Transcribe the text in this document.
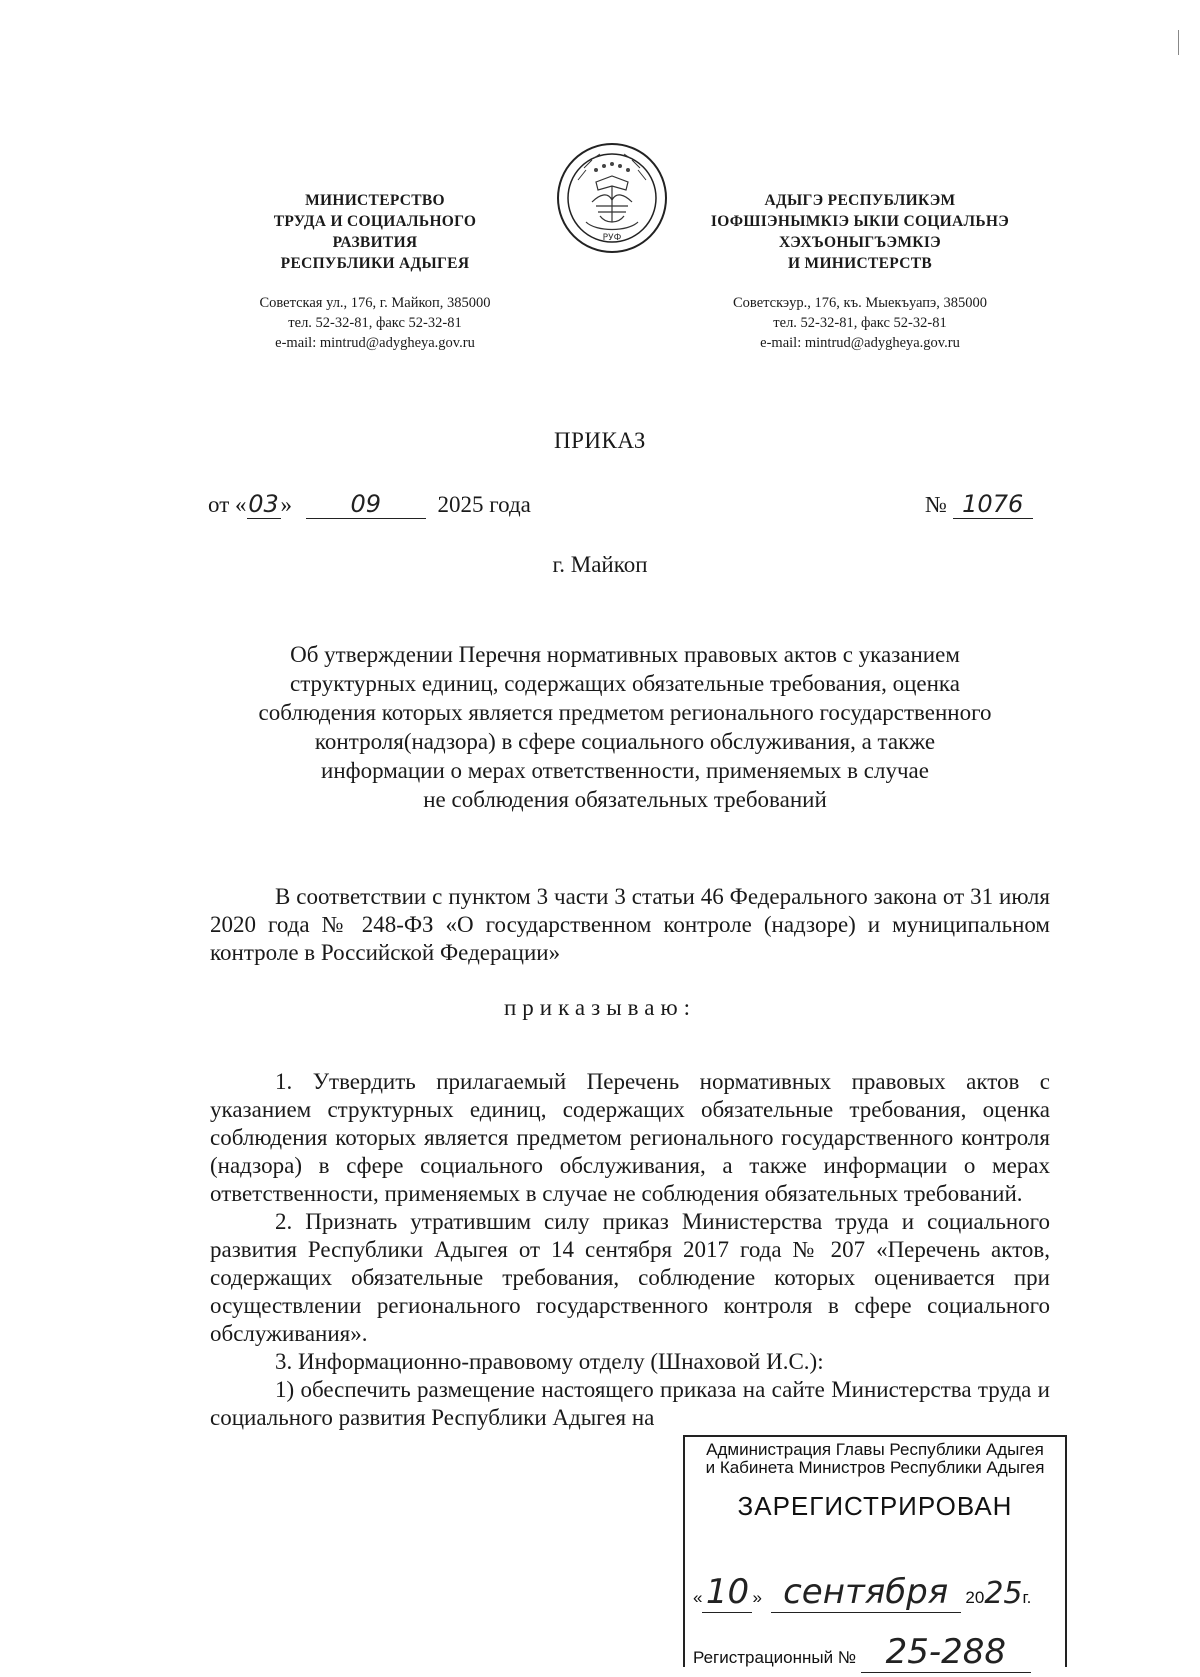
МИНИСТЕРСТВО
ТРУДА И СОЦИАЛЬНОГО
РАЗВИТИЯ
РЕСПУБЛИКИ АДЫГЕЯ
Советская ул., 176, г. Майкоп, 385000
тел. 52-32-81, факс 52-32-81
e-mail: mintrud@adygheya.gov.ru
РУФ
АДЫГЭ РЕСПУБЛИКЭМ
ІОФШІЭНЫМКІЭ ЫКІИ СОЦИАЛЬНЭ
ХЭХЪОНЫГЪЭМКІЭ
И МИНИСТЕРСТВ
Советскэур., 176, къ. Мыекъуапэ, 385000
тел. 52-32-81, факс 52-32-81
e-mail: mintrud@adygheya.gov.ru
ПРИКАЗ
от «03» 09 2025 года	№ 1076
г. Майкоп
Об утверждении Перечня нормативных правовых актов с указанием
структурных единиц, содержащих обязательные требования, оценка
соблюдения которых является предметом регионального государственного
контроля(надзора) в сфере социального обслуживания, а также
информации о мерах ответственности, применяемых в случае
не соблюдения обязательных требований
В соответствии с пунктом 3 части 3 статьи 46 Федерального закона от 31 июля 2020 года № 248-ФЗ «О государственном контроле (надзоре) и муниципальном контроле в Российской Федерации»
приказываю:

1. Утвердить прилагаемый Перечень нормативных правовых актов с указанием структурных единиц, содержащих обязательные требования, оценка соблюдения которых является предметом регионального государственного контроля (надзора) в сфере социального обслуживания, а также информации о мерах ответственности, применяемых в случае не соблюдения обязательных требований.

2. Признать утратившим силу приказ Министерства труда и социального развития Республики Адыгея от 14 сентября 2017 года № 207 «Перечень актов, содержащих обязательные требования, соблюдение которых оценивается при осуществлении регионального государственного контроля в сфере социального обслуживания».

3. Информационно-правовому отделу (Шнаховой И.С.):

1) обеспечить размещение настоящего приказа на сайте Министерства труда и социального развития Республики Адыгея на

Администрация Главы Республики Адыгея
и Кабинета Министров Республики Адыгея
ЗАРЕГИСТРИРОВАН
«10 » сентября 2025г.
Регистрационный № 25-288
